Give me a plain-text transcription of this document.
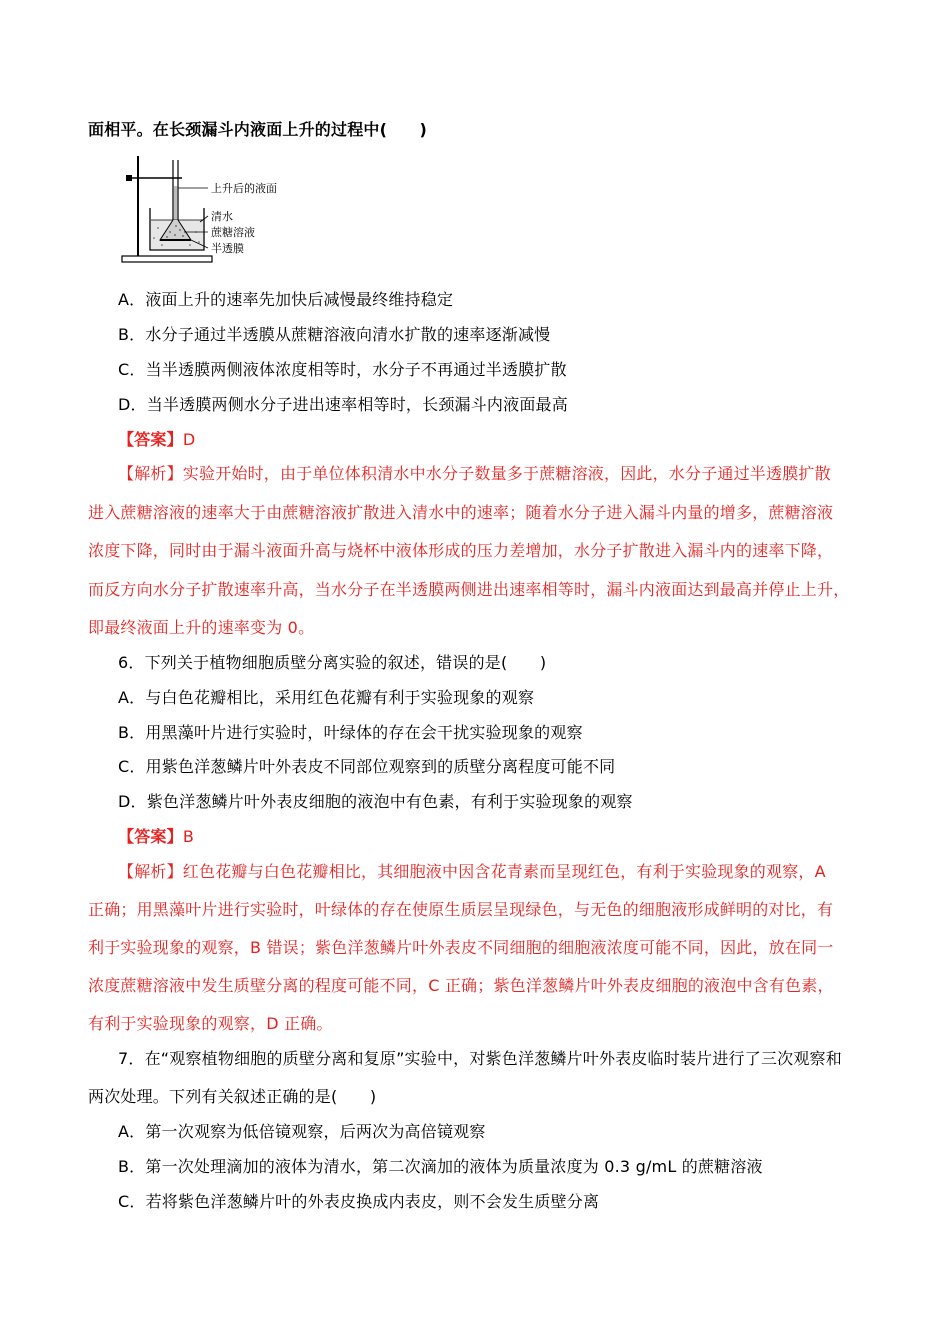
面相平。在长颈漏斗内液面上升的过程中(　　)
上升后的液面
清水
蔗糖溶液
半透膜
A．液面上升的速率先加快后减慢最终维持稳定
B．水分子通过半透膜从蔗糖溶液向清水扩散的速率逐渐减慢
C．当半透膜两侧液体浓度相等时，水分子不再通过半透膜扩散
D．当半透膜两侧水分子进出速率相等时，长颈漏斗内液面最高
【答案】D
【解析】实验开始时，由于单位体积清水中水分子数量多于蔗糖溶液，因此，水分子通过半透膜扩散
进入蔗糖溶液的速率大于由蔗糖溶液扩散进入清水中的速率；随着水分子进入漏斗内量的增多，蔗糖溶液
浓度下降，同时由于漏斗液面升高与烧杯中液体形成的压力差增加，水分子扩散进入漏斗内的速率下降，
而反方向水分子扩散速率升高，当水分子在半透膜两侧进出速率相等时，漏斗内液面达到最高并停止上升，
即最终液面上升的速率变为 0。
6．下列关于植物细胞质壁分离实验的叙述，错误的是(　　)
A．与白色花瓣相比，采用红色花瓣有利于实验现象的观察
B．用黑藻叶片进行实验时，叶绿体的存在会干扰实验现象的观察
C．用紫色洋葱鳞片叶外表皮不同部位观察到的质壁分离程度可能不同
D．紫色洋葱鳞片叶外表皮细胞的液泡中有色素，有利于实验现象的观察
【答案】B
【解析】红色花瓣与白色花瓣相比，其细胞液中因含花青素而呈现红色，有利于实验现象的观察，A
正确；用黑藻叶片进行实验时，叶绿体的存在使原生质层呈现绿色，与无色的细胞液形成鲜明的对比，有
利于实验现象的观察，B 错误；紫色洋葱鳞片叶外表皮不同细胞的细胞液浓度可能不同，因此，放在同一
浓度蔗糖溶液中发生质壁分离的程度可能不同，C 正确；紫色洋葱鳞片叶外表皮细胞的液泡中含有色素，
有利于实验现象的观察，D 正确。
7．在“观察植物细胞的质壁分离和复原”实验中，对紫色洋葱鳞片叶外表皮临时装片进行了三次观察和
两次处理。下列有关叙述正确的是(　　)
A．第一次观察为低倍镜观察，后两次为高倍镜观察
B．第一次处理滴加的液体为清水，第二次滴加的液体为质量浓度为 0.3 g/mL 的蔗糖溶液
C．若将紫色洋葱鳞片叶的外表皮换成内表皮，则不会发生质壁分离
